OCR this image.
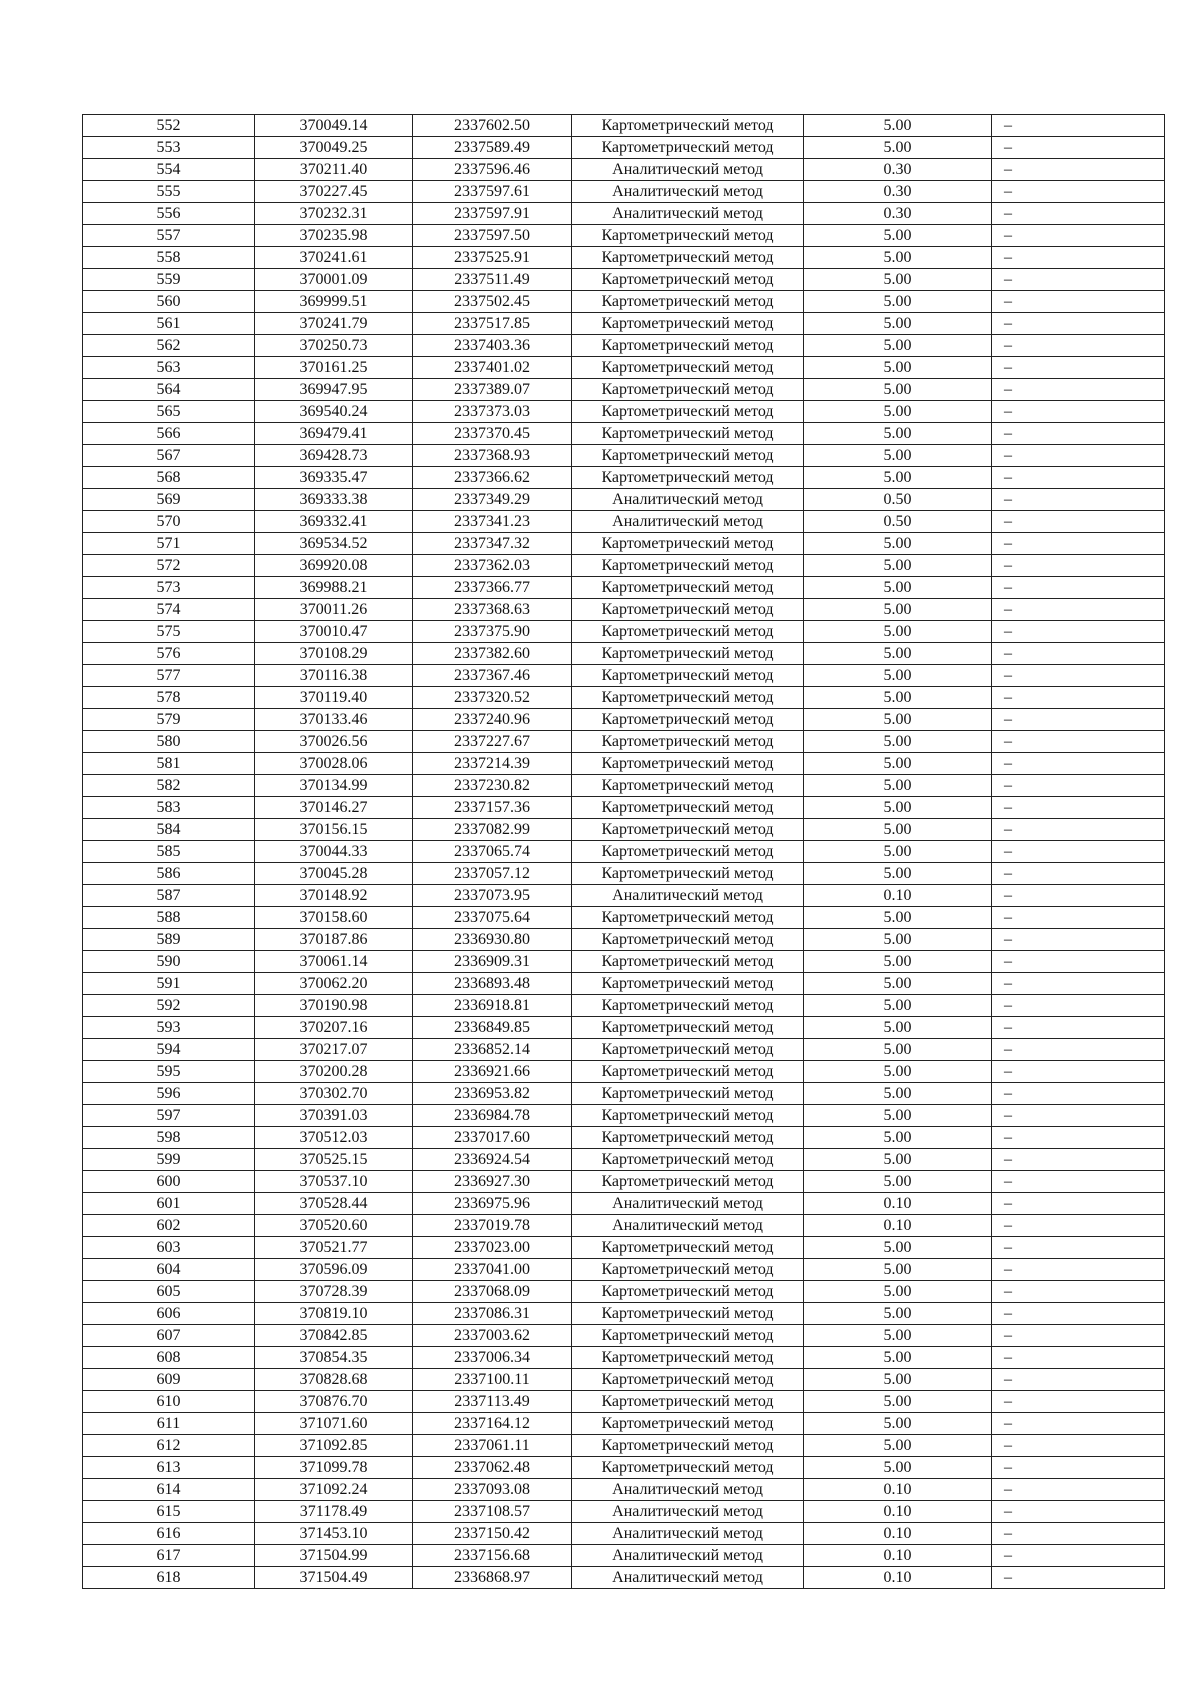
552	370049.14	2337602.50	Картометрический метод	5.00	–
553	370049.25	2337589.49	Картометрический метод	5.00	–
554	370211.40	2337596.46	Аналитический метод	0.30	–
555	370227.45	2337597.61	Аналитический метод	0.30	–
556	370232.31	2337597.91	Аналитический метод	0.30	–
557	370235.98	2337597.50	Картометрический метод	5.00	–
558	370241.61	2337525.91	Картометрический метод	5.00	–
559	370001.09	2337511.49	Картометрический метод	5.00	–
560	369999.51	2337502.45	Картометрический метод	5.00	–
561	370241.79	2337517.85	Картометрический метод	5.00	–
562	370250.73	2337403.36	Картометрический метод	5.00	–
563	370161.25	2337401.02	Картометрический метод	5.00	–
564	369947.95	2337389.07	Картометрический метод	5.00	–
565	369540.24	2337373.03	Картометрический метод	5.00	–
566	369479.41	2337370.45	Картометрический метод	5.00	–
567	369428.73	2337368.93	Картометрический метод	5.00	–
568	369335.47	2337366.62	Картометрический метод	5.00	–
569	369333.38	2337349.29	Аналитический метод	0.50	–
570	369332.41	2337341.23	Аналитический метод	0.50	–
571	369534.52	2337347.32	Картометрический метод	5.00	–
572	369920.08	2337362.03	Картометрический метод	5.00	–
573	369988.21	2337366.77	Картометрический метод	5.00	–
574	370011.26	2337368.63	Картометрический метод	5.00	–
575	370010.47	2337375.90	Картометрический метод	5.00	–
576	370108.29	2337382.60	Картометрический метод	5.00	–
577	370116.38	2337367.46	Картометрический метод	5.00	–
578	370119.40	2337320.52	Картометрический метод	5.00	–
579	370133.46	2337240.96	Картометрический метод	5.00	–
580	370026.56	2337227.67	Картометрический метод	5.00	–
581	370028.06	2337214.39	Картометрический метод	5.00	–
582	370134.99	2337230.82	Картометрический метод	5.00	–
583	370146.27	2337157.36	Картометрический метод	5.00	–
584	370156.15	2337082.99	Картометрический метод	5.00	–
585	370044.33	2337065.74	Картометрический метод	5.00	–
586	370045.28	2337057.12	Картометрический метод	5.00	–
587	370148.92	2337073.95	Аналитический метод	0.10	–
588	370158.60	2337075.64	Картометрический метод	5.00	–
589	370187.86	2336930.80	Картометрический метод	5.00	–
590	370061.14	2336909.31	Картометрический метод	5.00	–
591	370062.20	2336893.48	Картометрический метод	5.00	–
592	370190.98	2336918.81	Картометрический метод	5.00	–
593	370207.16	2336849.85	Картометрический метод	5.00	–
594	370217.07	2336852.14	Картометрический метод	5.00	–
595	370200.28	2336921.66	Картометрический метод	5.00	–
596	370302.70	2336953.82	Картометрический метод	5.00	–
597	370391.03	2336984.78	Картометрический метод	5.00	–
598	370512.03	2337017.60	Картометрический метод	5.00	–
599	370525.15	2336924.54	Картометрический метод	5.00	–
600	370537.10	2336927.30	Картометрический метод	5.00	–
601	370528.44	2336975.96	Аналитический метод	0.10	–
602	370520.60	2337019.78	Аналитический метод	0.10	–
603	370521.77	2337023.00	Картометрический метод	5.00	–
604	370596.09	2337041.00	Картометрический метод	5.00	–
605	370728.39	2337068.09	Картометрический метод	5.00	–
606	370819.10	2337086.31	Картометрический метод	5.00	–
607	370842.85	2337003.62	Картометрический метод	5.00	–
608	370854.35	2337006.34	Картометрический метод	5.00	–
609	370828.68	2337100.11	Картометрический метод	5.00	–
610	370876.70	2337113.49	Картометрический метод	5.00	–
611	371071.60	2337164.12	Картометрический метод	5.00	–
612	371092.85	2337061.11	Картометрический метод	5.00	–
613	371099.78	2337062.48	Картометрический метод	5.00	–
614	371092.24	2337093.08	Аналитический метод	0.10	–
615	371178.49	2337108.57	Аналитический метод	0.10	–
616	371453.10	2337150.42	Аналитический метод	0.10	–
617	371504.99	2337156.68	Аналитический метод	0.10	–
618	371504.49	2336868.97	Аналитический метод	0.10	–
